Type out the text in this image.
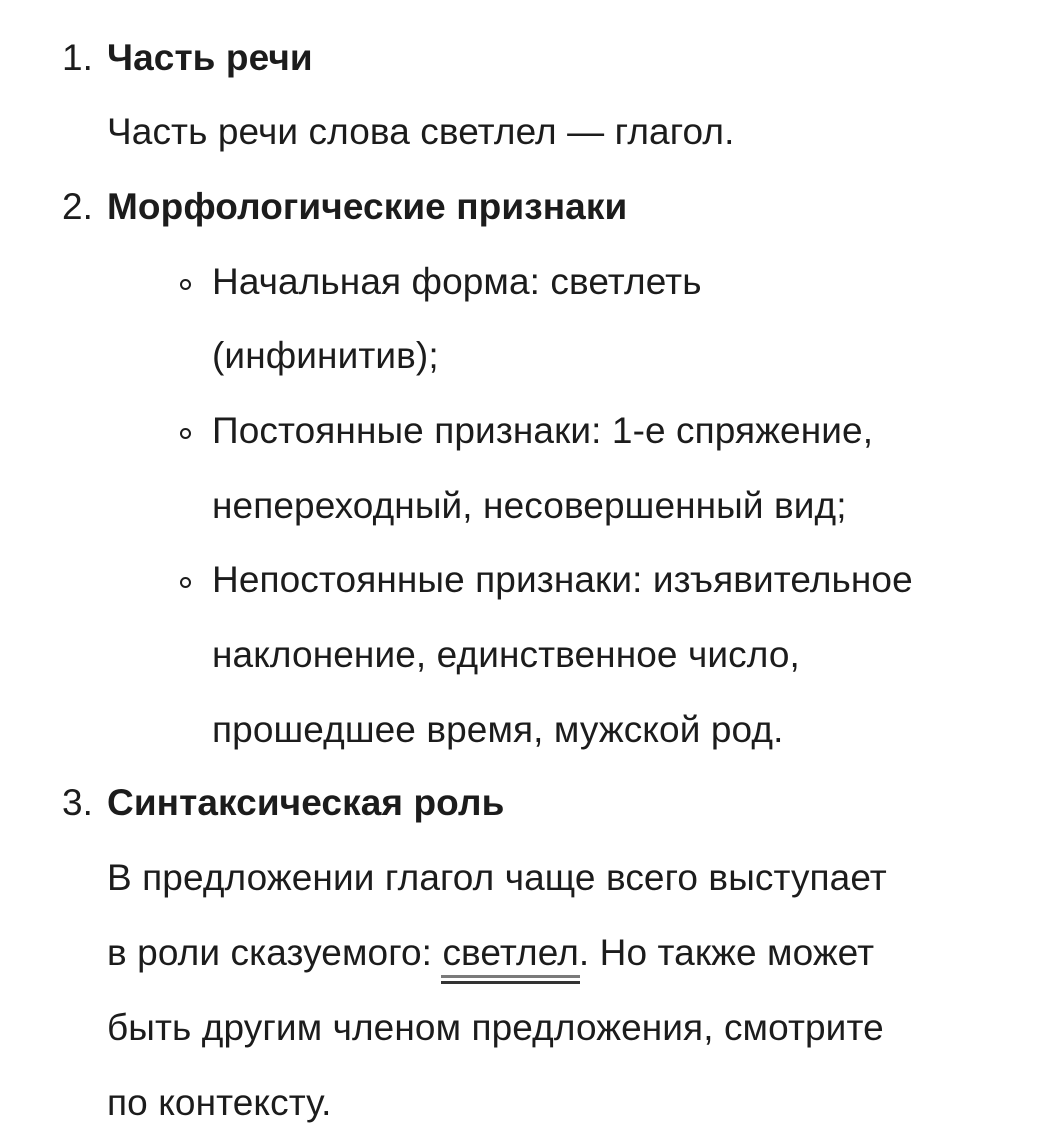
1. Часть речи
Часть речи слова светлел — глагол.
2. Морфологические признаки
Начальная форма: светлеть
(инфинитив);
Постоянные признаки: 1-е спряжение,
непереходный, несовершенный вид;
Непостоянные признаки: изъявительное
наклонение, единственное число,
прошедшее время, мужской род.
3. Синтаксическая роль
В предложении глагол чаще всего выступает
в роли сказуемого: светлел. Но также может
быть другим членом предложения, смотрите
по контексту.
